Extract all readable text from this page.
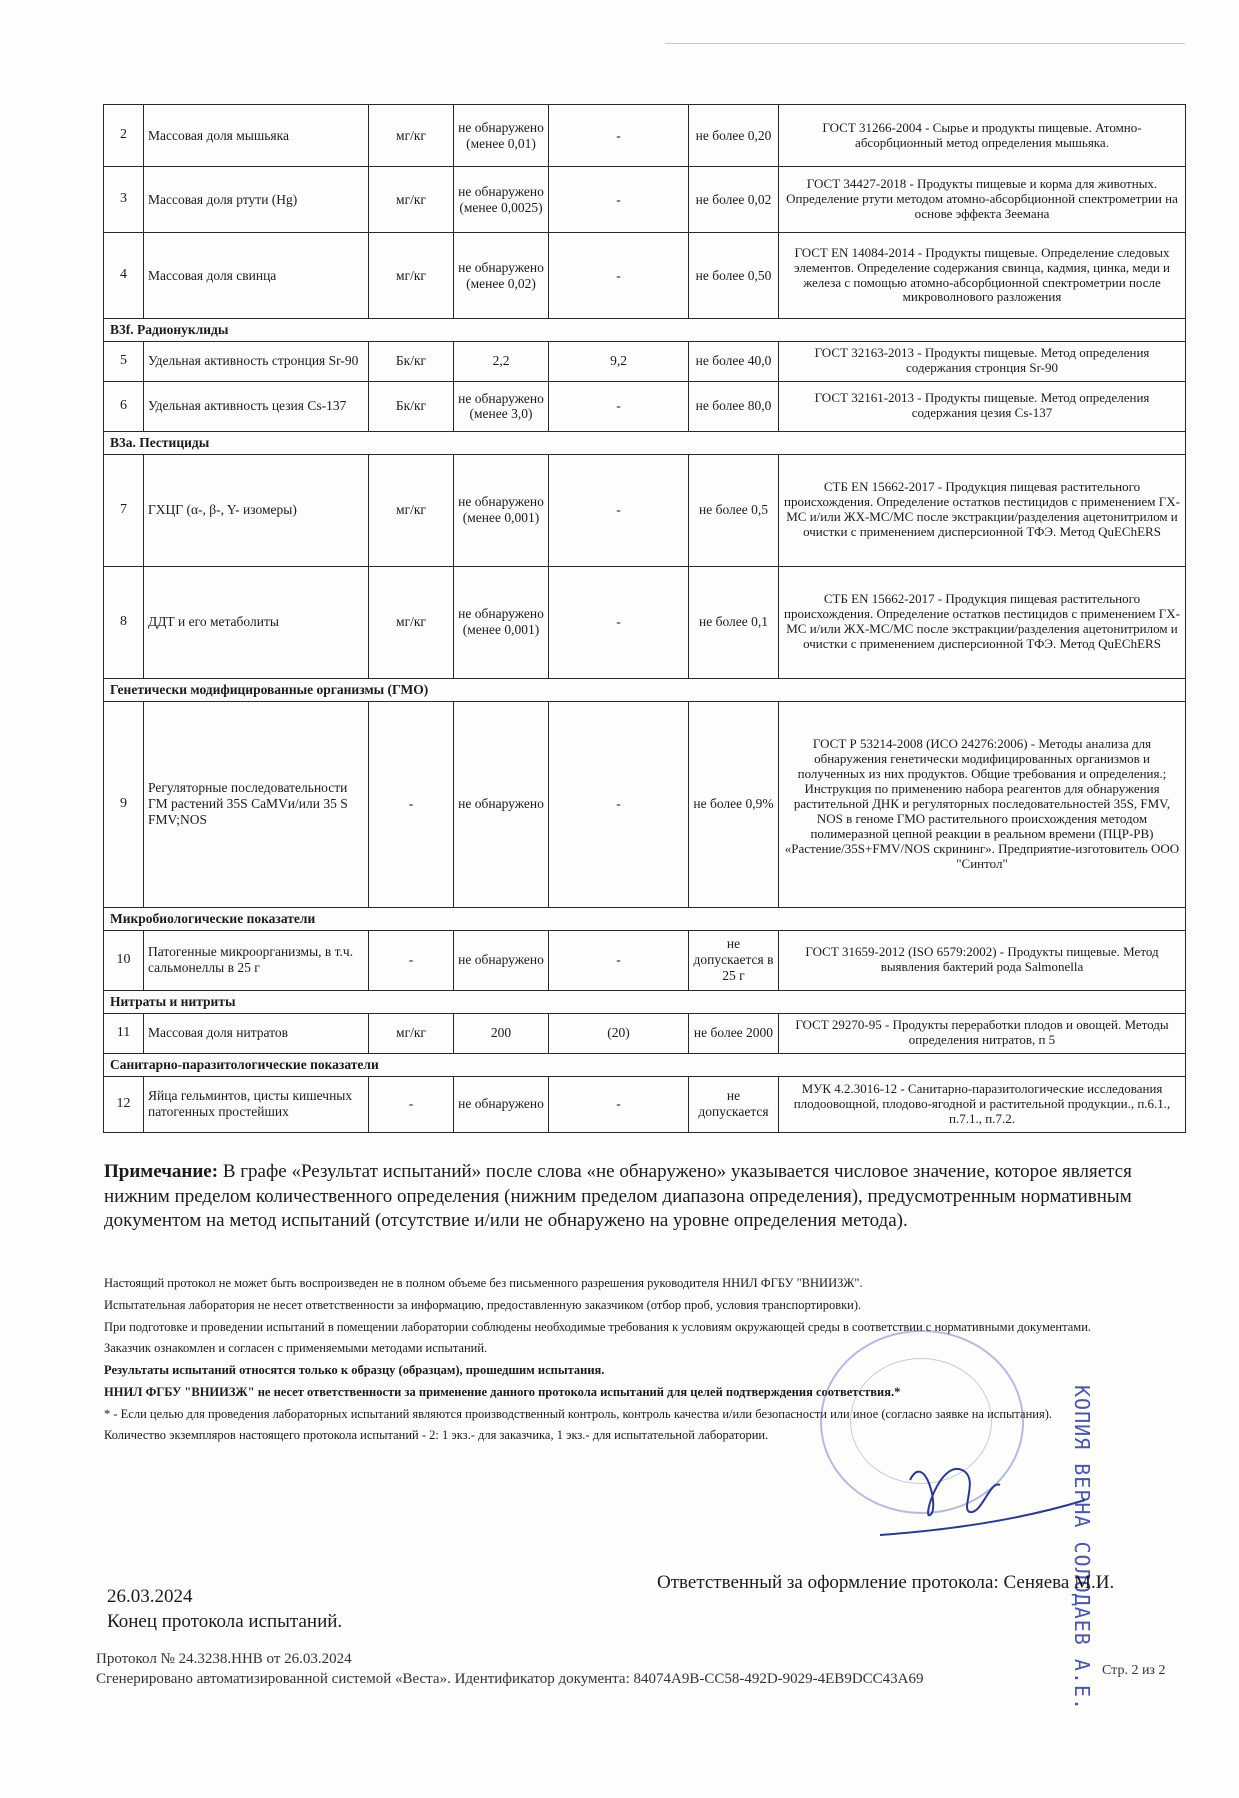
2	Массовая доля мышьяка	мг/кг	не обнаружено (менее 0,01)	-	не более 0,20	ГОСТ 31266-2004 - Сырье и продукты пищевые. Атомно-абсорбционный метод определения мышьяка.
3	Массовая доля ртути (Hg)	мг/кг	не обнаружено (менее 0,0025)	-	не более 0,02	ГОСТ 34427-2018 - Продукты пищевые и корма для животных. Определение ртути методом атомно-абсорбционной спектрометрии на основе эффекта Зеемана
4	Массовая доля свинца	мг/кг	не обнаружено (менее 0,02)	-	не более 0,50	ГОСТ EN 14084-2014 - Продукты пищевые. Определение следовых элементов. Определение содержания свинца, кадмия, цинка, меди и железа с помощью атомно-абсорбционной спектрометрии после микроволнового разложения
В3f. Радионуклиды						
5	Удельная активность стронция Sr-90	Бк/кг	2,2	9,2	не более 40,0	ГОСТ 32163-2013 - Продукты пищевые. Метод определения содержания стронция Sr-90
6	Удельная активность цезия Cs-137	Бк/кг	не обнаружено (менее 3,0)	-	не более 80,0	ГОСТ 32161-2013 - Продукты пищевые. Метод определения содержания цезия Cs-137
В3а. Пестициды						
7	ГХЦГ (α-, β-, Υ- изомеры)	мг/кг	не обнаружено (менее 0,001)	-	не более 0,5	СТБ EN 15662-2017 - Продукция пищевая растительного происхождения. Определение остатков пестицидов с применением ГХ-МС и/или ЖХ-МС/МС после экстракции/разделения ацетонитрилом и очистки с применением дисперсионной ТФЭ. Метод QuEChERS
8	ДДТ и его метаболиты	мг/кг	не обнаружено (менее 0,001)	-	не более 0,1	СТБ EN 15662-2017 - Продукция пищевая растительного происхождения. Определение остатков пестицидов с применением ГХ-МС и/или ЖХ-МС/МС после экстракции/разделения ацетонитрилом и очистки с применением дисперсионной ТФЭ. Метод QuEChERS
Генетически модифицированные организмы (ГМО)						
9	Регуляторные последовательности ГМ растений 35S CaMVи/или 35 S FMV;NOS	-	не обнаружено	-	не более 0,9%	ГОСТ Р 53214-2008 (ИСО 24276:2006) - Методы анализа для обнаружения генетически модифицированных организмов и полученных из них продуктов. Общие требования и определения.; Инструкция по применению набора реагентов для обнаружения растительной ДНК и регуляторных последовательностей 35S, FMV, NOS в геноме ГМО растительного происхождения методом полимеразной цепной реакции в реальном времени (ПЦР-РВ) «Растение/35S+FMV/NOS скрининг». Предприятие-изготовитель ООО "Синтол"
Микробиологические показатели						
10	Патогенные микроорганизмы, в т.ч. сальмонеллы в 25 г	-	не обнаружено	-	не допускается в 25 г	ГОСТ 31659-2012 (ISO 6579:2002) - Продукты пищевые. Метод выявления бактерий рода Salmonella
Нитраты и нитриты						
11	Массовая доля нитратов	мг/кг	200	(20)	не более 2000	ГОСТ 29270-95 - Продукты переработки плодов и овощей. Методы определения нитратов, п 5
Санитарно-паразитологические показатели						
12	Яйца гельминтов, цисты кишечных патогенных простейших	-	не обнаружено	-	не допускается	МУК 4.2.3016-12 - Санитарно-паразитологические исследования плодоовощной, плодово-ягодной и растительной продукции., п.6.1., п.7.1., п.7.2.
Примечание: В графе «Результат испытаний» после слова «не обнаружено» указывается числовое значение, которое является нижним пределом количественного определения (нижним пределом диапазона определения), предусмотренным нормативным документом на метод испытаний (отсутствие и/или не обнаружено на уровне определения метода).

Настоящий протокол не может быть воспроизведен не в полном объеме без письменного разрешения руководителя ННИЛ ФГБУ "ВНИИЗЖ".

Испытательная лаборатория не несет ответственности за информацию, предоставленную заказчиком (отбор проб, условия транспортировки).

При подготовке и проведении испытаний в помещении лаборатории соблюдены необходимые требования к условиям окружающей среды в соответствии с нормативными документами.

Заказчик ознакомлен и согласен с применяемыми методами испытаний.

Результаты испытаний относятся только к образцу (образцам), прошедшим испытания.

ННИЛ ФГБУ "ВНИИЗЖ" не несет ответственности за применение данного протокола испытаний для целей подтверждения соответствия.*

* - Если целью для проведения лабораторных испытаний являются производственный контроль, контроль качества и/или безопасности или иное (согласно заявке на испытания).

Количество экземпляров настоящего протокола испытаний - 2: 1 экз.- для заказчика, 1 экз.- для испытательной лаборатории.	КОПИЯ ВЕРНА СОЛОДАЕВ А.Е.
Ответственный за оформление протокола: Сеняева М.И.
26.03.2024
Конец протокола испытаний.
Протокол № 24.3238.ННВ от 26.03.2024
Сгенерировано автоматизированной системой «Веста». Идентификатор документа: 84074A9B-CC58-492D-9029-4EB9DCC43A69	Стр. 2 из 2
